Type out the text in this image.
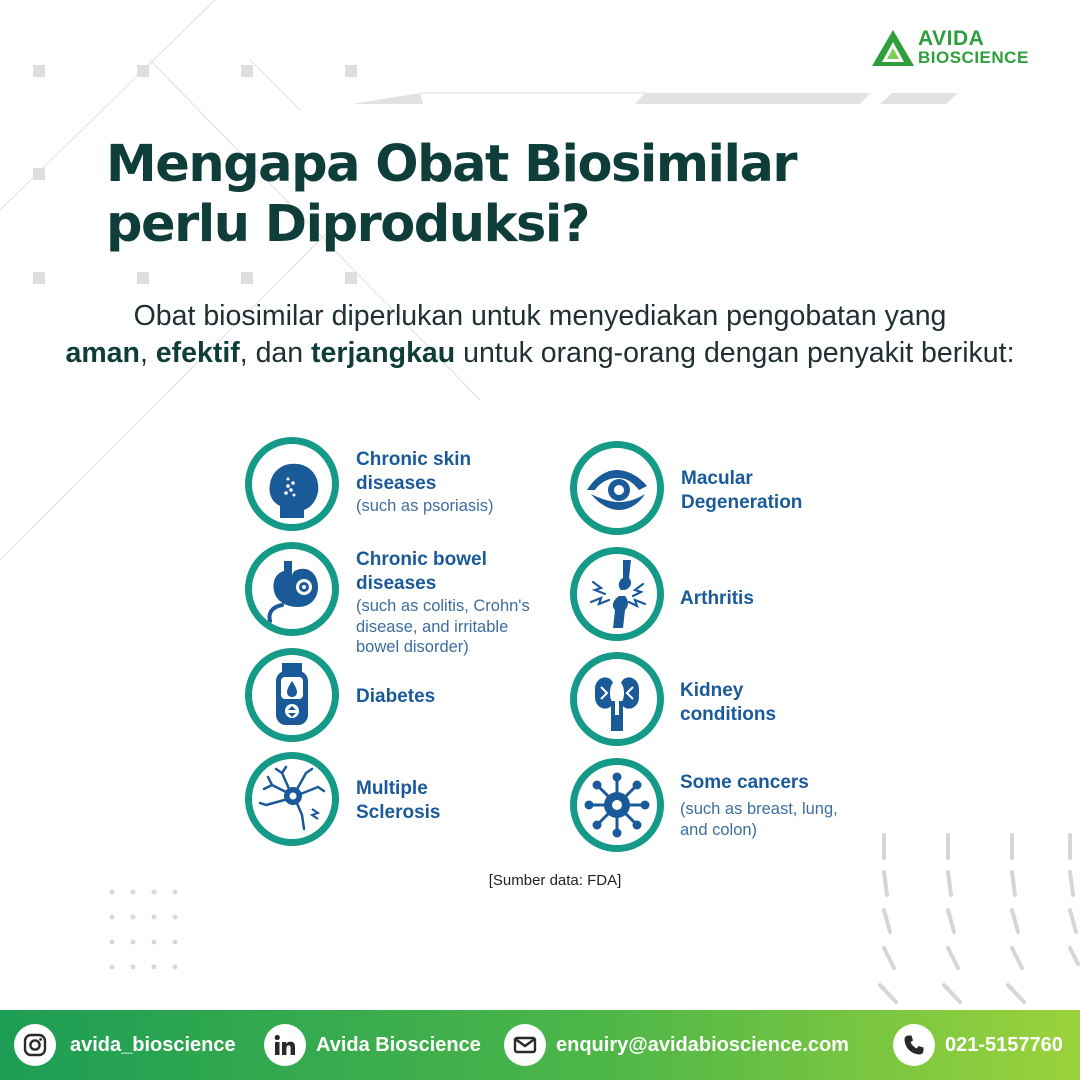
AVIDA
BIOSCIENCE
Mengapa Obat Biosimilar
perlu Diproduksi?
Obat biosimilar diperlukan untuk menyediakan pengobatan yang
aman, efektif, dan terjangkau untuk orang-orang dengan penyakit berikut:
Chronic skin
diseases
(such as psoriasis)
Chronic bowel
diseases
(such as colitis, Crohn's
disease, and irritable
bowel disorder)
Diabetes
Multiple
Sclerosis
Macular
Degeneration
Arthritis
Kidney
conditions
Some cancers
(such as breast, lung,
and colon)
[Sumber data: FDA]
avida_bioscience	Avida Bioscience	enquiry@avidabioscience.com	021-5157760
